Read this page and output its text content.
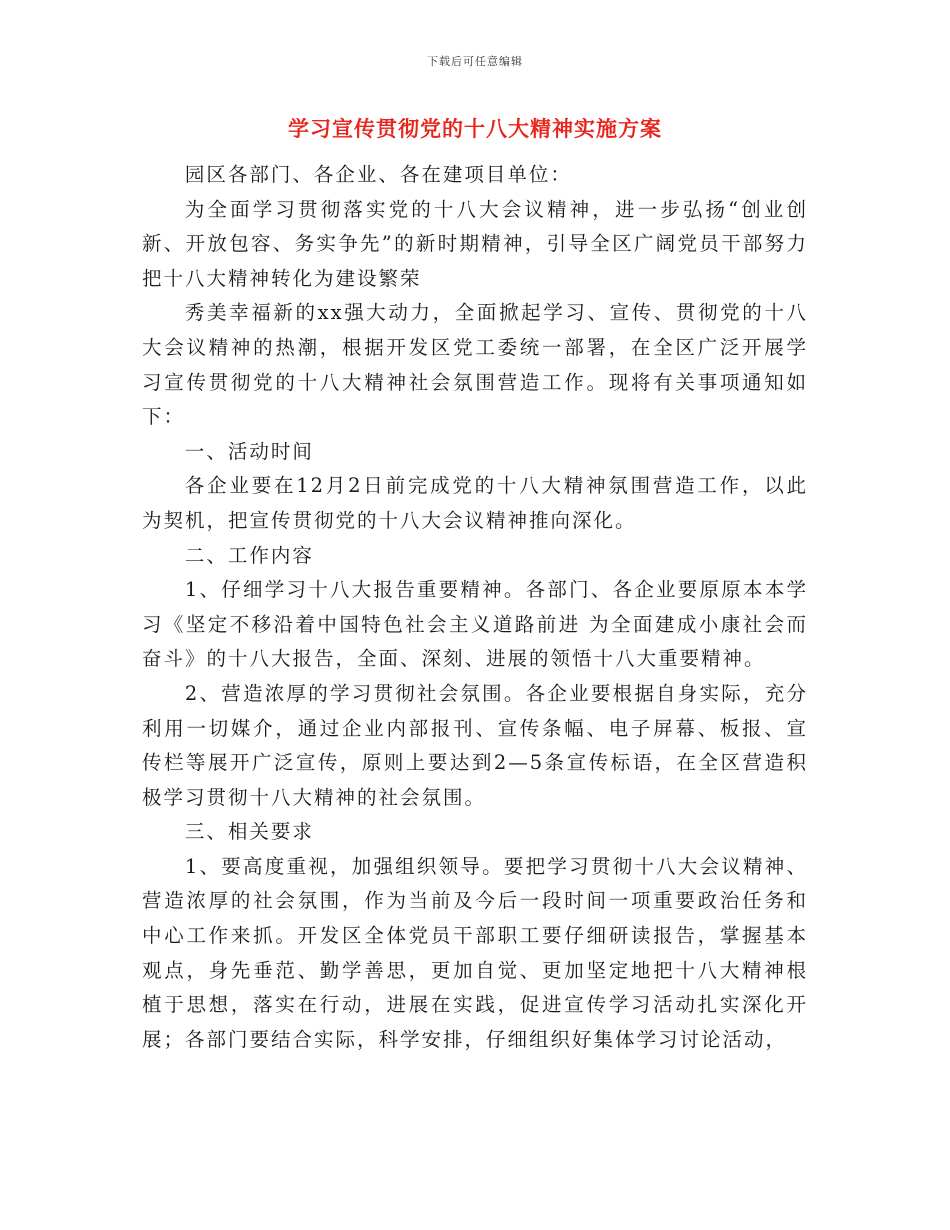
下载后可任意编辑
学习宣传贯彻党的十八大精神实施方案

园区各部门、各企业、各在建项目单位：

为全面学习贯彻落实党的十八大会议精神，进一步弘扬“创业创新、开放包容、务实争先”的新时期精神，引导全区广阔党员干部努力把十八大精神转化为建设繁荣

秀美幸福新的xx强大动力，全面掀起学习、宣传、贯彻党的十八大会议精神的热潮，根据开发区党工委统一部署，在全区广泛开展学习宣传贯彻党的十八大精神社会氛围营造工作。现将有关事项通知如下：

一、活动时间

各企业要在12月2日前完成党的十八大精神氛围营造工作，以此为契机，把宣传贯彻党的十八大会议精神推向深化。

二、工作内容

1、仔细学习十八大报告重要精神。各部门、各企业要原原本本学习《坚定不移沿着中国特色社会主义道路前进 为全面建成小康社会而奋斗》的十八大报告，全面、深刻、进展的领悟十八大重要精神。

2、营造浓厚的学习贯彻社会氛围。各企业要根据自身实际，充分利用一切媒介，通过企业内部报刊、宣传条幅、电子屏幕、板报、宣传栏等展开广泛宣传，原则上要达到2—5条宣传标语，在全区营造积极学习贯彻十八大精神的社会氛围。

三、相关要求

1、要高度重视，加强组织领导。要把学习贯彻十八大会议精神、营造浓厚的社会氛围，作为当前及今后一段时间一项重要政治任务和中心工作来抓。开发区全体党员干部职工要仔细研读报告，掌握基本观点，身先垂范、勤学善思，更加自觉、更加坚定地把十八大精神根植于思想，落实在行动，进展在实践，促进宣传学习活动扎实深化开展；各部门要结合实际，科学安排，仔细组织好集体学习讨论活动，
